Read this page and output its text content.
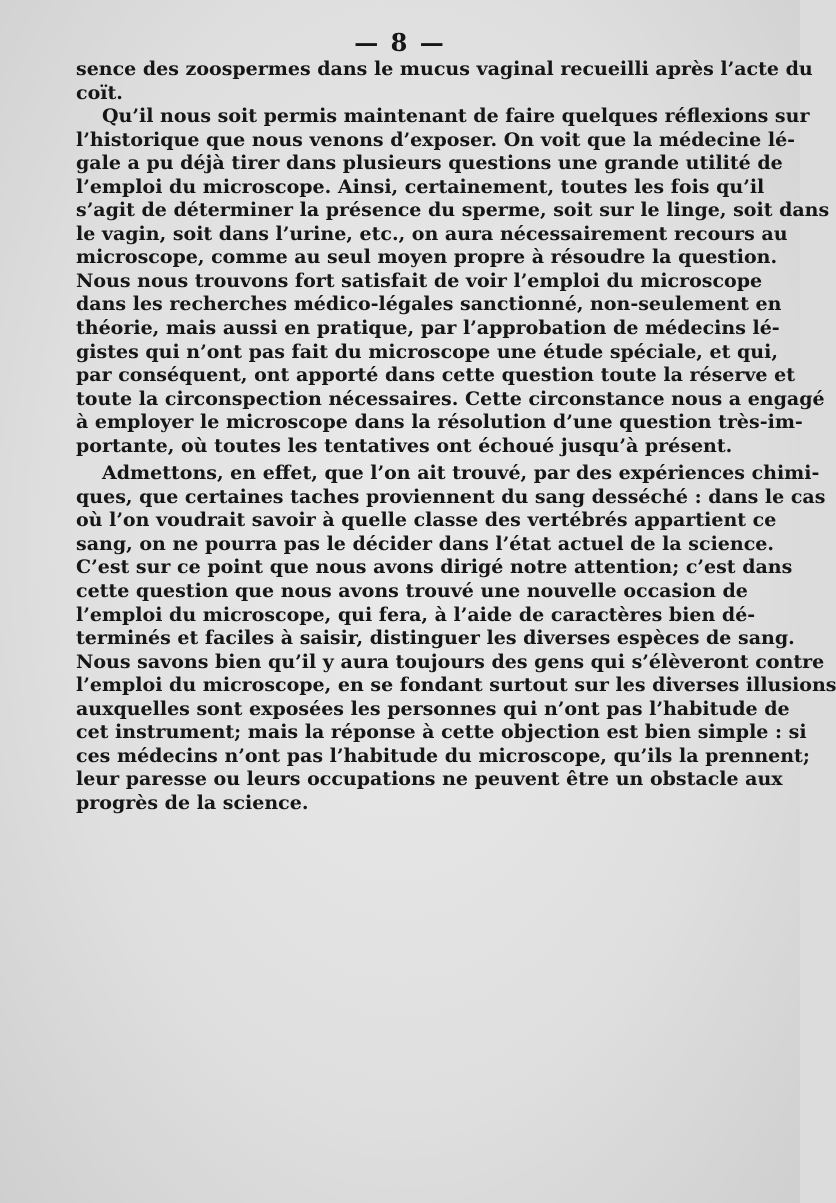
— 8 —
sence des zoospermes dans le mucus vaginal recueilli après l’acte du
coït.
Qu’il nous soit permis maintenant de faire quelques réflexions sur
l’historique que nous venons d’exposer. On voit que la médecine lé-
gale a pu déjà tirer dans plusieurs questions une grande utilité de
l’emploi du microscope. Ainsi, certainement, toutes les fois qu’il
s’agit de déterminer la présence du sperme, soit sur le linge, soit dans
le vagin, soit dans l’urine, etc., on aura nécessairement recours au
microscope, comme au seul moyen propre à résoudre la question.
Nous nous trouvons fort satisfait de voir l’emploi du microscope
dans les recherches médico-légales sanctionné, non-seulement en
théorie, mais aussi en pratique, par l’approbation de médecins lé-
gistes qui n’ont pas fait du microscope une étude spéciale, et qui,
par conséquent, ont apporté dans cette question toute la réserve et
toute la circonspection nécessaires. Cette circonstance nous a engagé
à employer le microscope dans la résolution d’une question très-im-
portante, où toutes les tentatives ont échoué jusqu’à présent.
Admettons, en effet, que l’on ait trouvé, par des expériences chimi-
ques, que certaines taches proviennent du sang desséché : dans le cas
où l’on voudrait savoir à quelle classe des vertébrés appartient ce
sang, on ne pourra pas le décider dans l’état actuel de la science.
C’est sur ce point que nous avons dirigé notre attention; c’est dans
cette question que nous avons trouvé une nouvelle occasion de
l’emploi du microscope, qui fera, à l’aide de caractères bien dé-
terminés et faciles à saisir, distinguer les diverses espèces de sang.
Nous savons bien qu’il y aura toujours des gens qui s’élèveront contre
l’emploi du microscope, en se fondant surtout sur les diverses illusions
auxquelles sont exposées les personnes qui n’ont pas l’habitude de
cet instrument; mais la réponse à cette objection est bien simple : si
ces médecins n’ont pas l’habitude du microscope, qu’ils la prennent;
leur paresse ou leurs occupations ne peuvent être un obstacle aux
progrès de la science.
